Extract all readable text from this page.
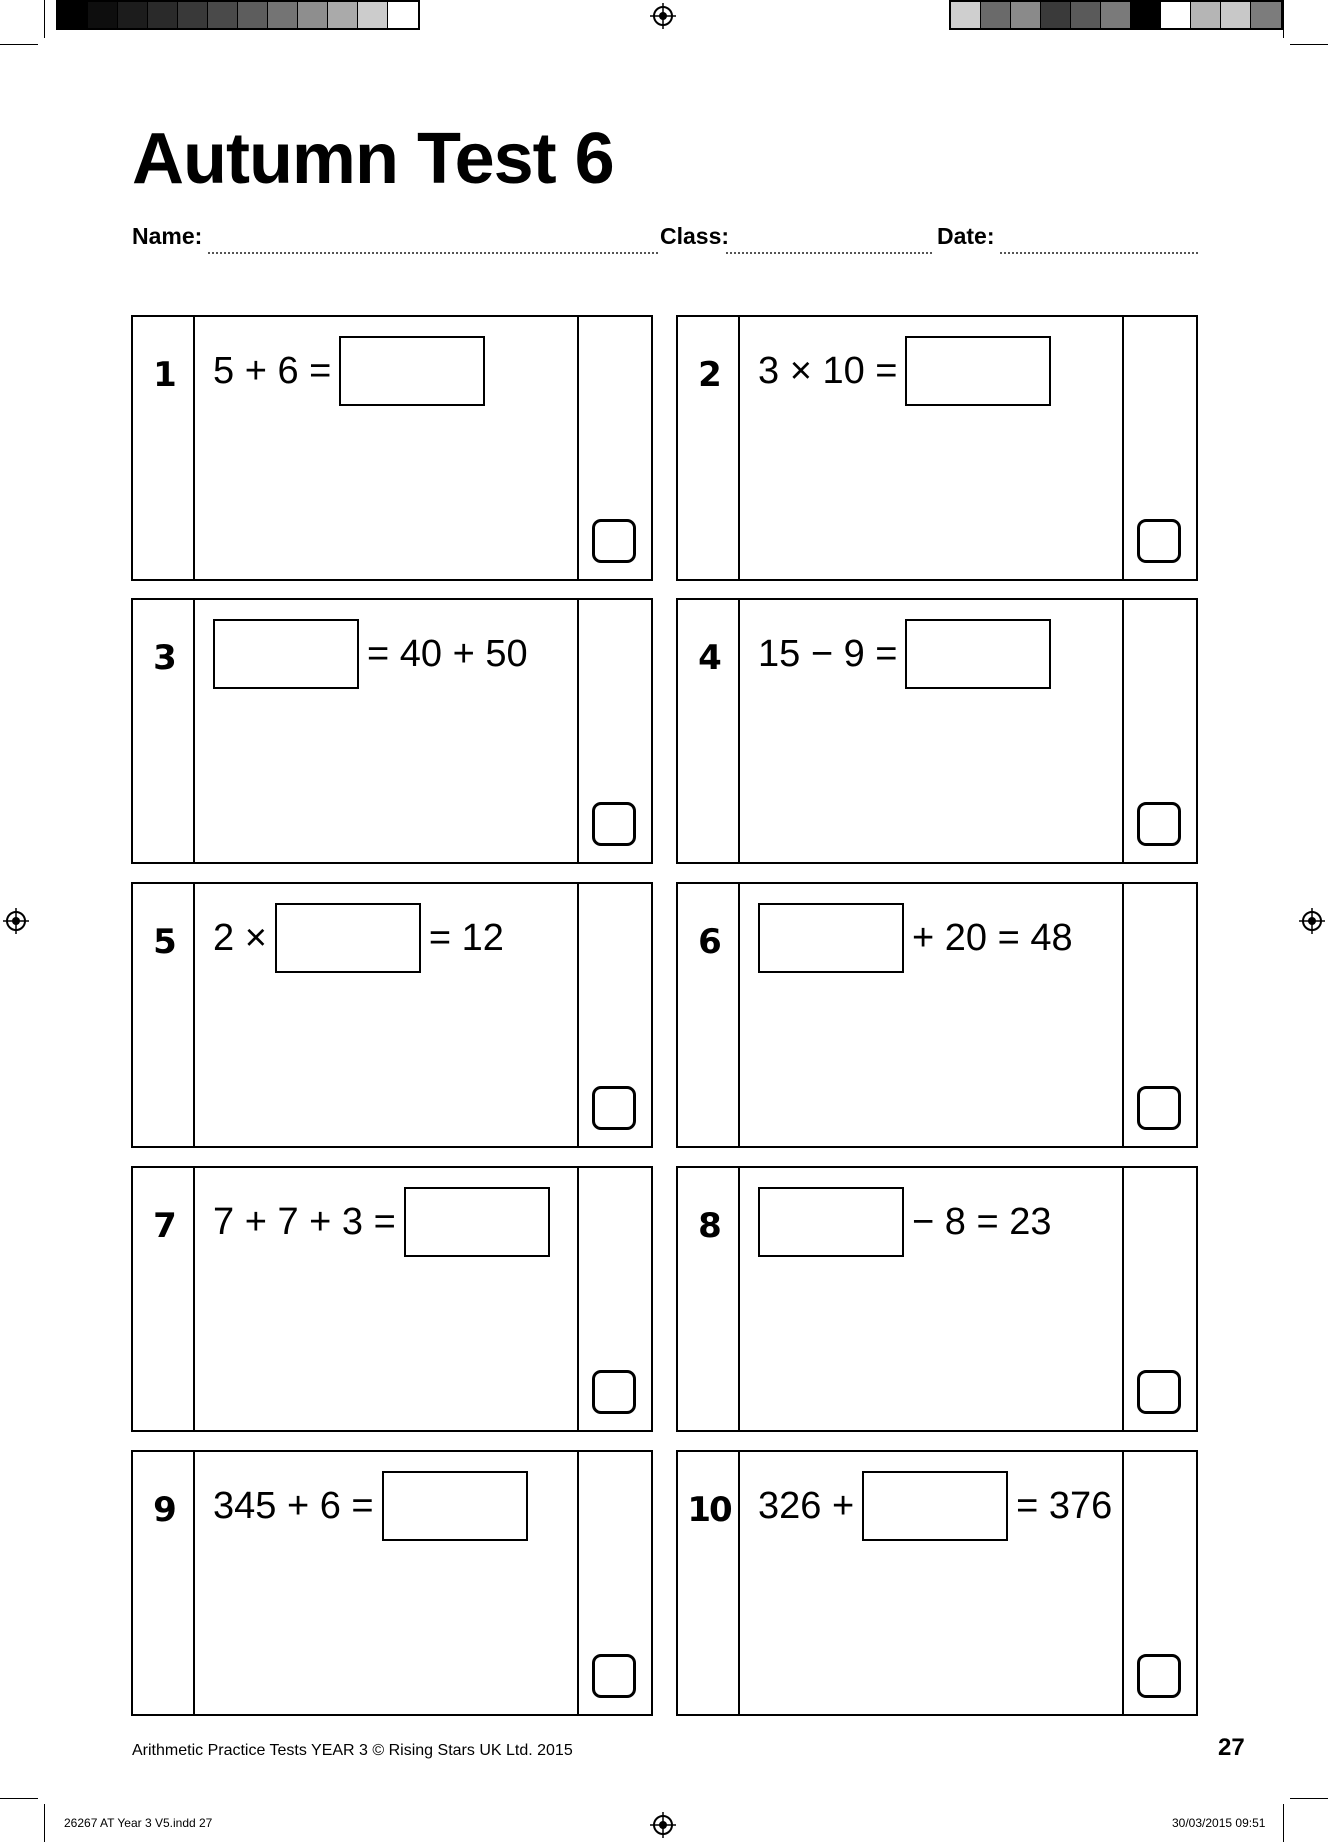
Autumn Test 6
Name:	Class:	Date:
1	5 + 6 =	2	3 × 10 =
3	= 40 + 50	4	15 − 9 =
5	2 ×	= 12	6	+ 20 = 48
7	7 + 7 + 3 =	8	− 8 = 23
9	345 + 6 =	10 326 +	= 376
Arithmetic Practice Tests YEAR 3 © Rising Stars UK Ltd. 2015	27
26267 AT Year 3 V5.indd 27	30/03/2015 09:51
